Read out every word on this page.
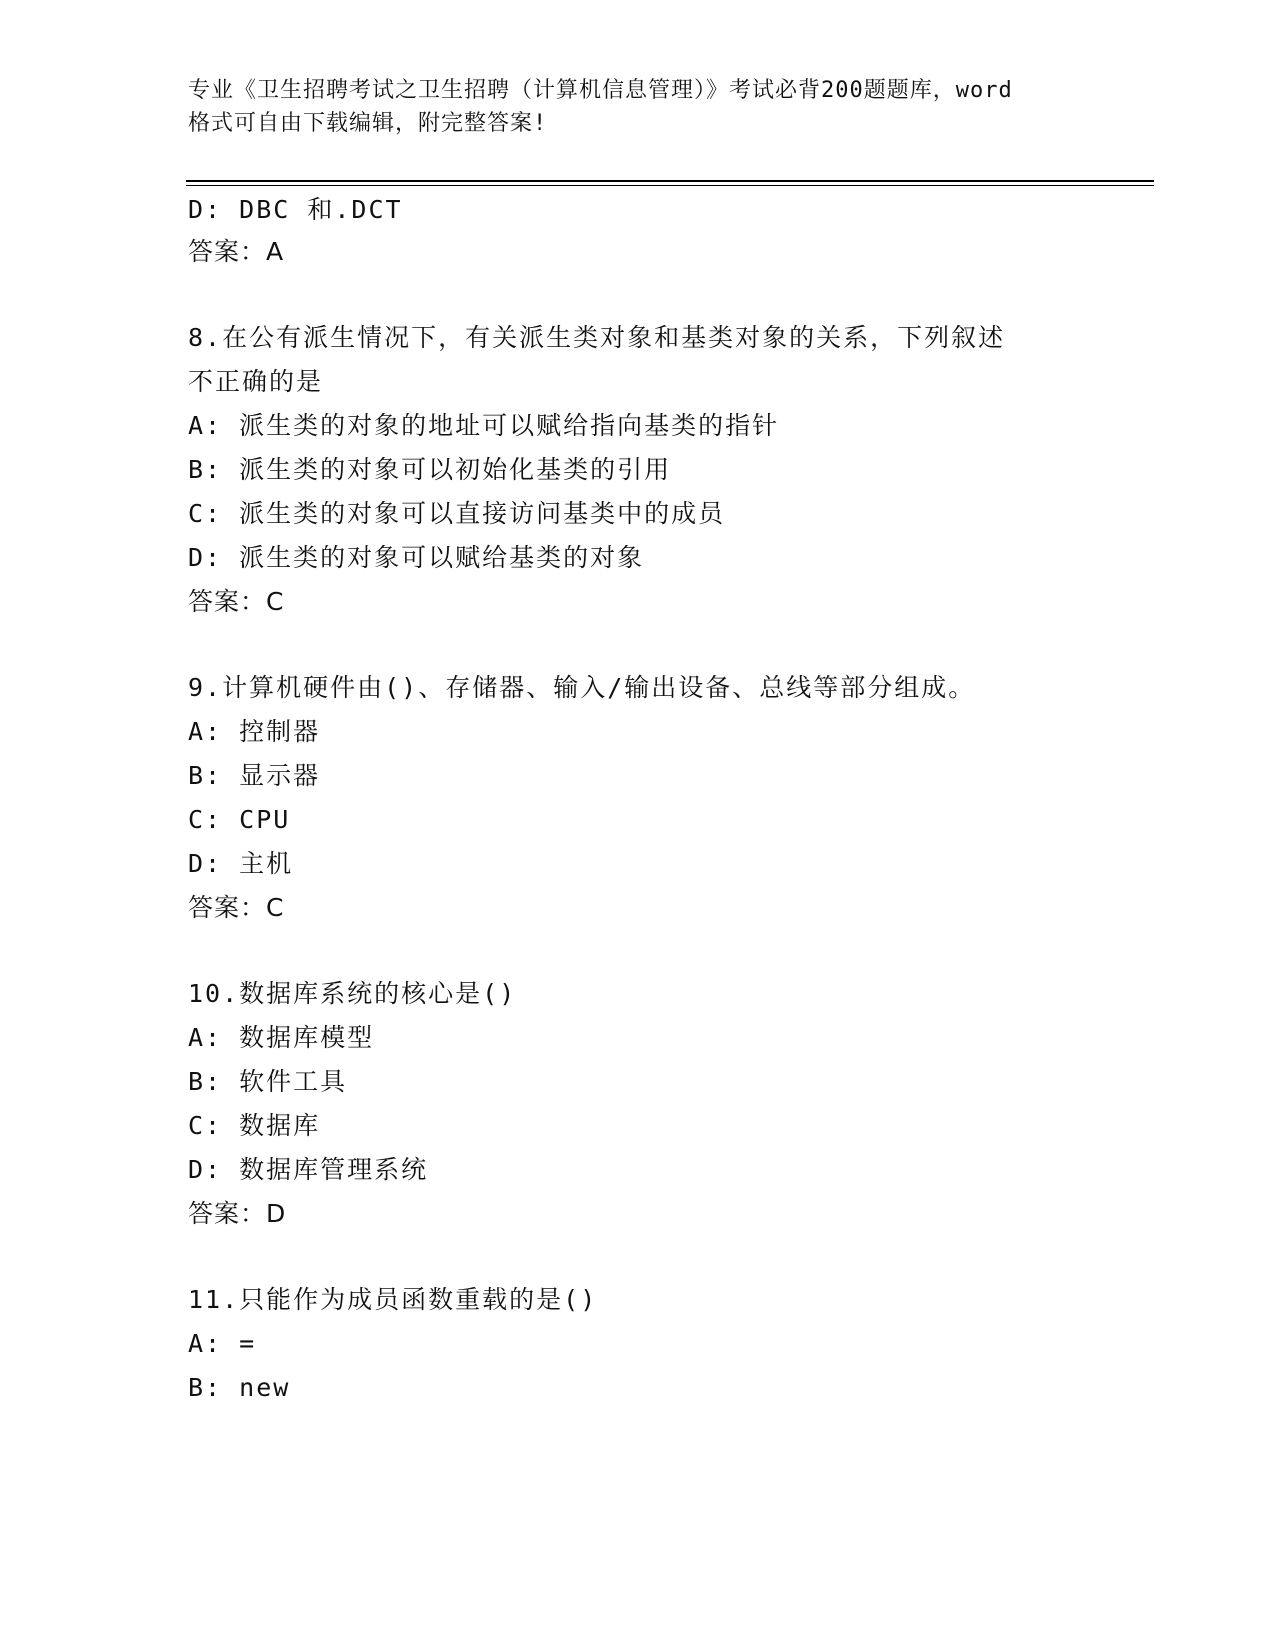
专业《卫生招聘考试之卫生招聘（计算机信息管理）》考试必背200题题库，word
格式可自由下载编辑，附完整答案!
D: DBC 和.DCT
答案：A
8.在公有派生情况下，有关派生类对象和基类对象的关系，下列叙述
不正确的是
A: 派生类的对象的地址可以赋给指向基类的指针
B: 派生类的对象可以初始化基类的引用
C: 派生类的对象可以直接访问基类中的成员
D: 派生类的对象可以赋给基类的对象
答案：C
9.计算机硬件由()、存储器、输入/输出设备、总线等部分组成。
A: 控制器
B: 显示器
C: CPU
D: 主机
答案：C
10.数据库系统的核心是()
A: 数据库模型
B: 软件工具
C: 数据库
D: 数据库管理系统
答案：D
11.只能作为成员函数重载的是()
A: =
B: new
